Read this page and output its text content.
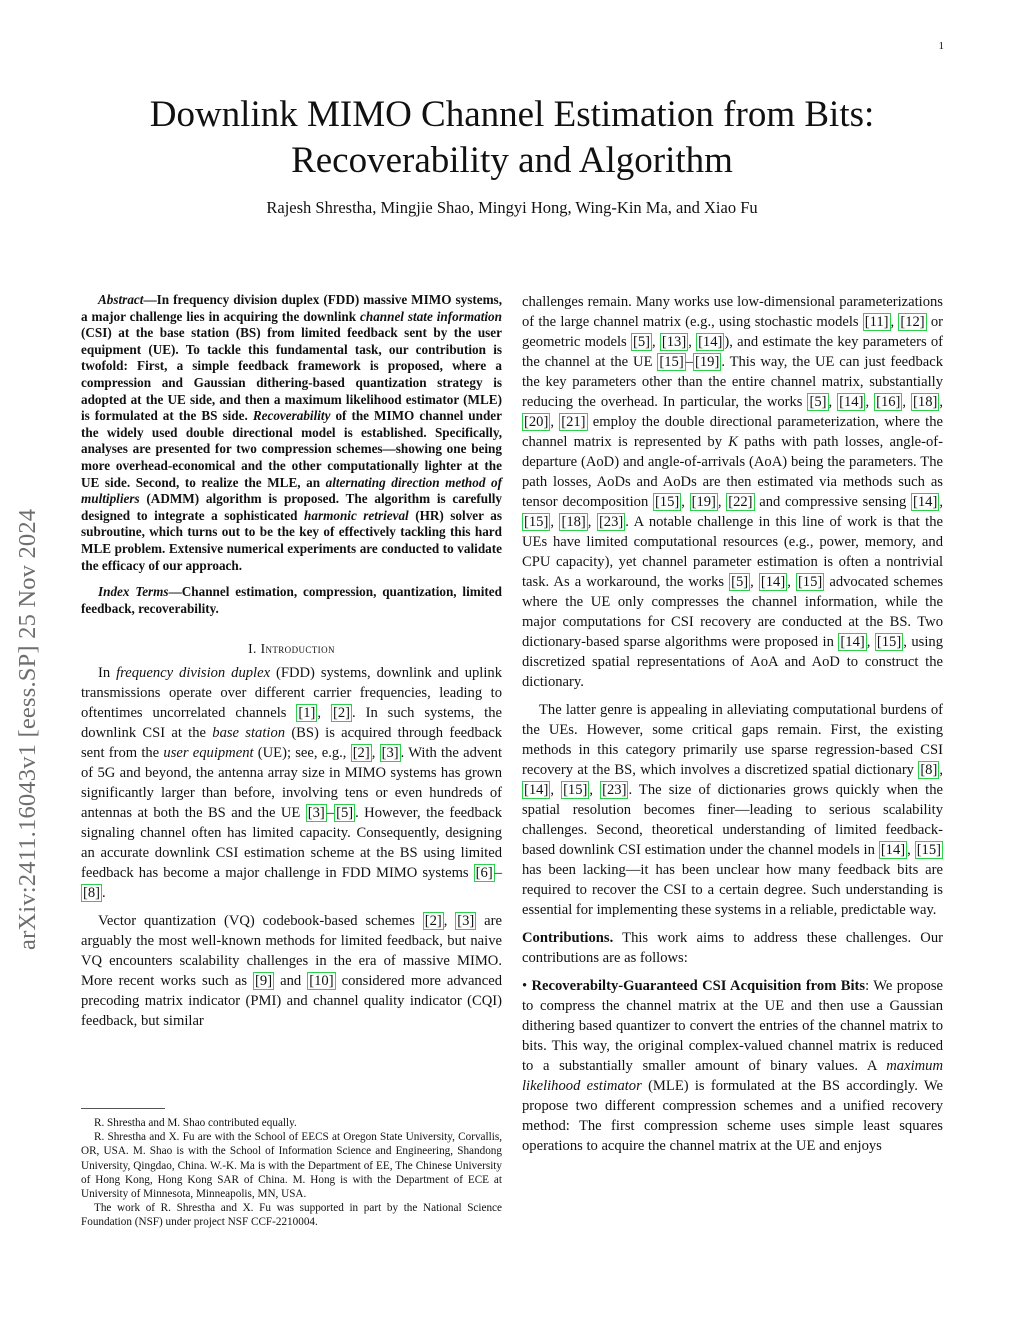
1
Downlink MIMO Channel Estimation from Bits:
Recoverability and Algorithm
Rajesh Shrestha, Mingjie Shao, Mingyi Hong, Wing-Kin Ma, and Xiao Fu
arXiv:2411.16043v1 [eess.SP] 25 Nov 2024

Abstract—In frequency division duplex (FDD) massive MIMO systems, a major challenge lies in acquiring the downlink channel state information (CSI) at the base station (BS) from limited feedback sent by the user equipment (UE). To tackle this fundamental task, our contribution is twofold: First, a simple feedback framework is proposed, where a compression and Gaussian dithering-based quantization strategy is adopted at the UE side, and then a maximum likelihood estimator (MLE) is formulated at the BS side. Recoverability of the MIMO channel under the widely used double directional model is established. Specifically, analyses are presented for two compression schemes—showing one being more overhead-economical and the other computationally lighter at the UE side. Second, to realize the MLE, an alternating direction method of multipliers (ADMM) algorithm is proposed. The algorithm is carefully designed to integrate a sophisticated harmonic retrieval (HR) solver as subroutine, which turns out to be the key of effectively tackling this hard MLE problem. Extensive numerical experiments are conducted to validate the efficacy of our approach.

Index Terms—Channel estimation, compression, quantization, limited feedback, recoverability.

I. Introduction

In frequency division duplex (FDD) systems, downlink and uplink transmissions operate over different carrier frequencies, leading to oftentimes uncorrelated channels [1] , [2] . In such systems, the downlink CSI at the base station (BS) is acquired through feedback sent from the user equipment (UE); see, e.g., [2] , [3] . With the advent of 5G and beyond, the antenna array size in MIMO systems has grown significantly larger than before, involving tens or even hundreds of antennas at both the BS and the UE [3] – [5] . However, the feedback signaling channel often has limited capacity. Consequently, designing an accurate downlink CSI estimation scheme at the BS using limited feedback has become a major challenge in FDD MIMO systems [6] –[8] .

Vector quantization (VQ) codebook-based schemes [2] , [3] are arguably the most well-known methods for limited feedback, but naive VQ encounters scalability challenges in the era of massive MIMO. More recent works such as [9] and [10] considered more advanced precoding matrix indicator (PMI) and channel quality indicator (CQI) feedback, but similar

R. Shrestha and M. Shao contributed equally.

R. Shrestha and X. Fu are with the School of EECS at Oregon State University, Corvallis, OR, USA. M. Shao is with the School of Information Science and Engineering, Shandong University, Qingdao, China. W.-K. Ma is with the Department of EE, The Chinese University of Hong Kong, Hong Kong SAR of China. M. Hong is with the Department of ECE at University of Minnesota, Minneapolis, MN, USA.

The work of R. Shrestha and X. Fu was supported in part by the National Science Foundation (NSF) under project NSF CCF-2210004.

challenges remain. Many works use low-dimensional parameterizations of the large channel matrix (e.g., using stochastic models [11] , [12] or geometric models [5] , [13] , [14] ), and estimate the key parameters of the channel at the UE [15] – [19] . This way, the UE can just feedback the key parameters other than the entire channel matrix, substantially reducing the overhead. In particular, the works [5] , [14] , [16] , [18] , [20] , [21] employ the double directional parameterization, where the channel matrix is represented by K paths with path losses, angle-of-departure (AoD) and angle-of-arrivals (AoA) being the parameters. The path losses, AoDs and AoDs are then estimated via methods such as tensor decomposition [15] , [19] , [22] and compressive sensing [14] , [15] , [18] , [23] . A notable challenge in this line of work is that the UEs have limited computational resources (e.g., power, memory, and CPU capacity), yet channel parameter estimation is often a nontrivial task. As a workaround, the works [5] , [14] , [15] advocated schemes where the UE only compresses the channel information, while the major computations for CSI recovery are conducted at the BS. Two dictionary-based sparse algorithms were proposed in [14] , [15] , using discretized spatial representations of AoA and AoD to construct the dictionary.

The latter genre is appealing in alleviating computational burdens of the UEs. However, some critical gaps remain. First, the existing methods in this category primarily use sparse regression-based CSI recovery at the BS, which involves a discretized spatial dictionary [8] , [14] , [15] , [23] . The size of dictionaries grows quickly when the spatial resolution becomes finer—leading to serious scalability challenges. Second, theoretical understanding of limited feedback-based downlink CSI estimation under the channel models in [14] , [15] has been lacking—it has been unclear how many feedback bits are required to recover the CSI to a certain degree. Such understanding is essential for implementing these systems in a reliable, predictable way.

Contributions. This work aims to address these challenges. Our contributions are as follows:

• Recoverabilty-Guaranteed CSI Acquisition from Bits: We propose to compress the channel matrix at the UE and then use a Gaussian dithering based quantizer to convert the entries of the channel matrix to bits. This way, the original complex-valued channel matrix is reduced to a substantially smaller amount of binary values. A maximum likelihood estimator (MLE) is formulated at the BS accordingly. We propose two different compression schemes and a unified recovery method: The first compression scheme uses simple least squares operations to acquire the channel matrix at the UE and enjoys
